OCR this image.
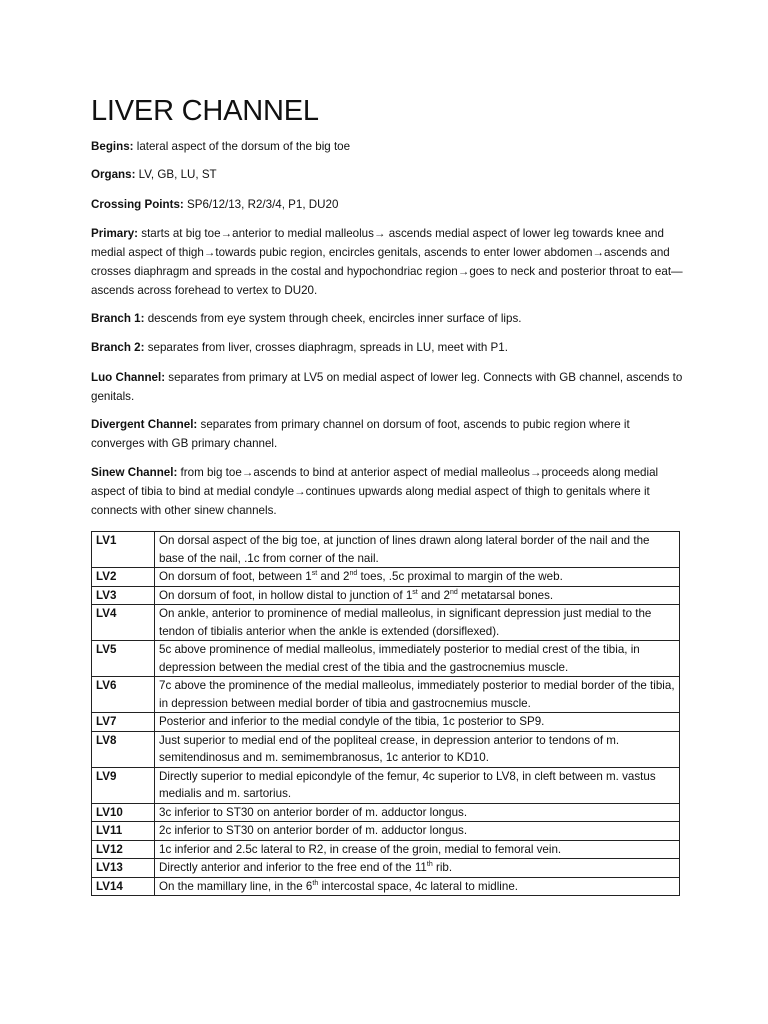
LIVER CHANNEL

Begins: lateral aspect of the dorsum of the big toe

Organs: LV, GB, LU, ST

Crossing Points: SP6/12/13, R2/3/4, P1, DU20

Primary: starts at big toe→anterior to medial malleolus→ ascends medial aspect of lower leg towards knee and medial aspect of thigh→towards pubic region, encircles genitals, ascends to enter lower abdomen→ascends and crosses diaphragm and spreads in the costal and hypochondriac region→goes to neck and posterior throat to eat—ascends across forehead to vertex to DU20.

Branch 1: descends from eye system through cheek, encircles inner surface of lips.

Branch 2: separates from liver, crosses diaphragm, spreads in LU, meet with P1.

Luo Channel: separates from primary at LV5 on medial aspect of lower leg. Connects with GB channel, ascends to genitals.

Divergent Channel: separates from primary channel on dorsum of foot, ascends to pubic region where it converges with GB primary channel.

Sinew Channel: from big toe→ascends to bind at anterior aspect of medial malleolus→proceeds along medial aspect of tibia to bind at medial condyle→continues upwards along medial aspect of thigh to genitals where it connects with other sinew channels.

LV1	On dorsal aspect of the big toe, at junction of lines drawn along lateral border of the nail and the base of the nail, .1c from corner of the nail.
LV2	On dorsum of foot, between 1st and 2nd toes, .5c proximal to margin of the web.
LV3	On dorsum of foot, in hollow distal to junction of 1st and 2nd metatarsal bones.
LV4	On ankle, anterior to prominence of medial malleolus, in significant depression just medial to the tendon of tibialis anterior when the ankle is extended (dorsiflexed).
LV5	5c above prominence of medial malleolus, immediately posterior to medial crest of the tibia, in depression between the medial crest of the tibia and the gastrocnemius muscle.
LV6	7c above the prominence of the medial malleolus, immediately posterior to medial border of the tibia, in depression between medial border of tibia and gastrocnemius muscle.
LV7	Posterior and inferior to the medial condyle of the tibia, 1c posterior to SP9.
LV8	Just superior to medial end of the popliteal crease, in depression anterior to tendons of m. semitendinosus and m. semimembranosus, 1c anterior to KD10.
LV9	Directly superior to medial epicondyle of the femur, 4c superior to LV8, in cleft between m. vastus medialis and m. sartorius.
LV10	3c inferior to ST30 on anterior border of m. adductor longus.
LV11	2c inferior to ST30 on anterior border of m. adductor longus.
LV12	1c inferior and 2.5c lateral to R2, in crease of the groin, medial to femoral vein.
LV13	Directly anterior and inferior to the free end of the 11th rib.
LV14	On the mamillary line, in the 6th intercostal space, 4c lateral to midline.
